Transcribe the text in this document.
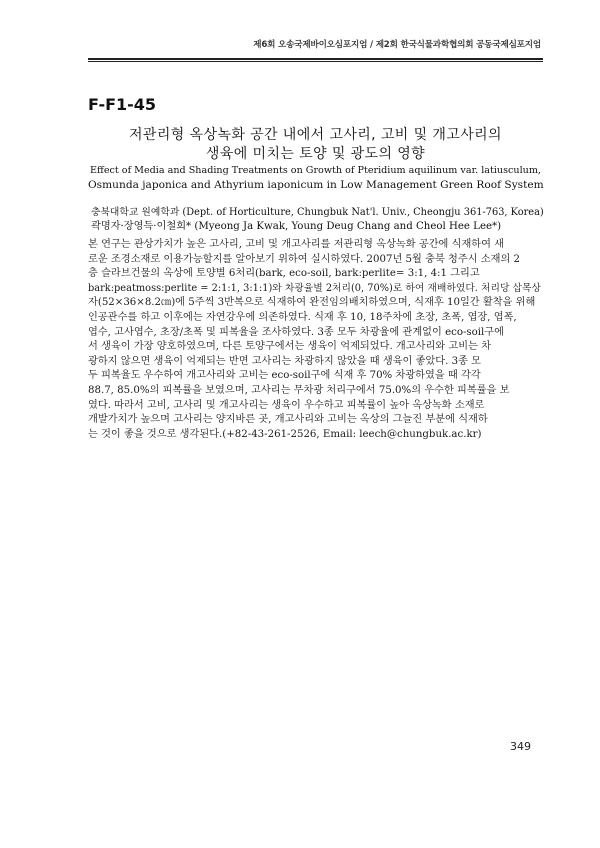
제6회 오송국제바이오심포지엄 / 제2회 한국식물과학협의회 공동국제심포지엄
F-F1-45
저관리형 옥상녹화 공간 내에서 고사리, 고비 및 개고사리의
생육에 미치는 토양 및 광도의 영향
Effect of Media and Shading Treatments on Growth of Pteridium aquilinum var. latiusculum,
Osmunda japonica and Athyrium iaponicum in Low Management Green Roof System
충북대학교 원예학과 (Dept. of Horticulture, Chungbuk Nat'l. Univ., Cheongju 361-763, Korea)
곽명자·장영득·이철희* (Myeong Ja Kwak, Young Deug Chang and Cheol Hee Lee*)
본 연구는 관상가치가 높은 고사리, 고비 및 개고사리를 저관리형 옥상녹화 공간에 식재하여 새
로운 조경소재로 이용가능할지를 알아보기 위하여 실시하였다. 2007년 5월 충북 청주시 소재의 2
층 슬라브건물의 옥상에 토양별 6처리(bark, eco-soil, bark:perlite= 3:1, 4:1 그리고
bark:peatmoss:perlite = 2:1:1, 3:1:1)와 차광율별 2처리(0, 70%)로 하여 재배하였다. 처리당 삽목상
자(52×36×8.2㎝)에 5주씩 3반복으로 식재하여 완전임의배치하였으며, 식재후 10일간 활착을 위해
인공관수를 하고 이후에는 자연강우에 의존하였다. 식재 후 10, 18주차에 초장, 초폭, 엽장, 엽폭,
엽수, 고사엽수, 초장/초폭 및 피복율을 조사하였다. 3종 모두 차광율에 관계없이 eco-soil구에
서 생육이 가장 양호하였으며, 다른 토양구에서는 생육이 억제되었다. 개고사리와 고비는 차
광하지 않으면 생육이 억제되는 반면 고사리는 차광하지 않았을 때 생육이 좋았다. 3종 모
두 피복율도 우수하여 개고사리와 고비는 eco-soil구에 식재 후 70% 차광하였을 때 각각
88.7, 85.0%의 피복률을 보였으며, 고사리는 무차광 처리구에서 75.0%의 우수한 피복률을 보
였다. 따라서 고비, 고사리 및 개고사리는 생육이 우수하고 피복률이 높아 옥상녹화 소재로
개발가치가 높으며 고사리는 양지바른 곳, 개고사리와 고비는 옥상의 그늘진 부분에 식재하
는 것이 좋을 것으로 생각된다.(+82-43-261-2526, Email: leech@chungbuk.ac.kr)
349
